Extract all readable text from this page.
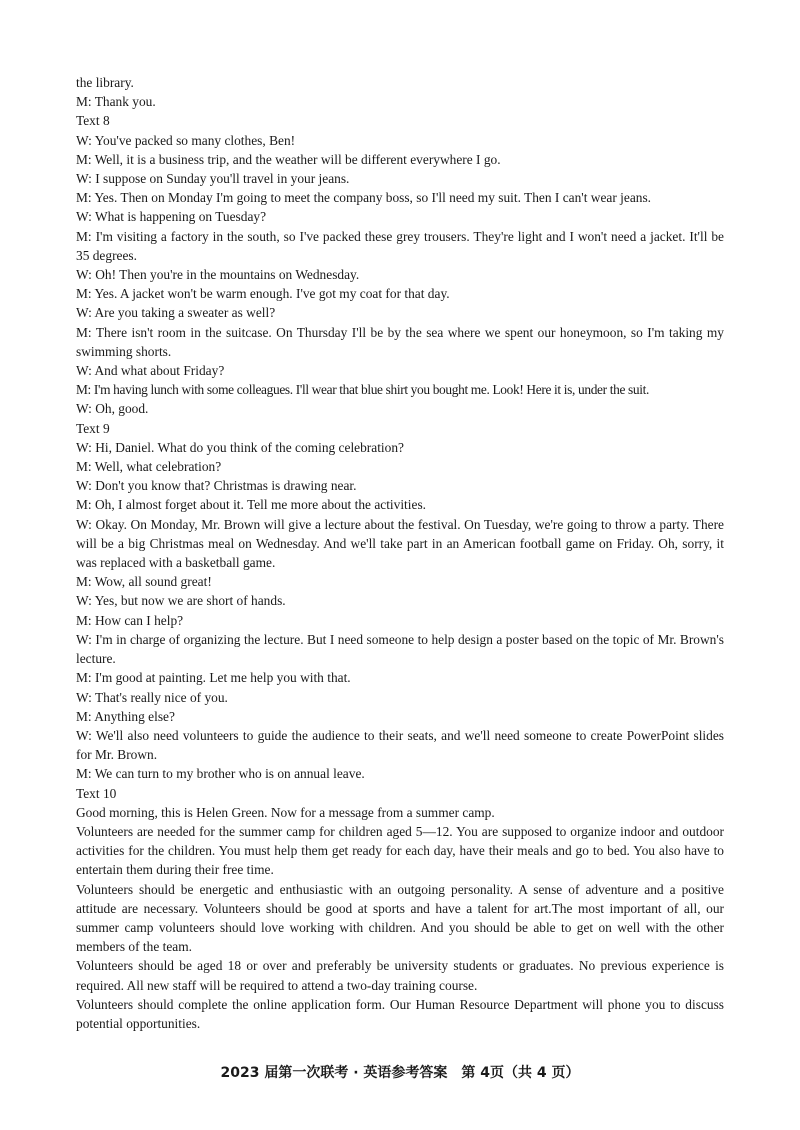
the library.

M: Thank you.

Text 8

W: You've packed so many clothes, Ben!

M: Well, it is a business trip, and the weather will be different everywhere I go.

W: I suppose on Sunday you'll travel in your jeans.

M: Yes. Then on Monday I'm going to meet the company boss, so I'll need my suit. Then I can't wear jeans.

W: What is happening on Tuesday?

M: I'm visiting a factory in the south, so I've packed these grey trousers. They're light and I won't need a jacket. It'll be 35 degrees.

W: Oh! Then you're in the mountains on Wednesday.

M: Yes. A jacket won't be warm enough. I've got my coat for that day.

W: Are you taking a sweater as well?

M: There isn't room in the suitcase. On Thursday I'll be by the sea where we spent our honeymoon, so I'm taking my swimming shorts.

W: And what about Friday?

M: I'm having lunch with some colleagues. I'll wear that blue shirt you bought me. Look! Here it is, under the suit.

W: Oh, good.

Text 9

W: Hi, Daniel. What do you think of the coming celebration?

M: Well, what celebration?

W: Don't you know that? Christmas is drawing near.

M: Oh, I almost forget about it. Tell me more about the activities.

W: Okay. On Monday, Mr. Brown will give a lecture about the festival. On Tuesday, we're going to throw a party. There will be a big Christmas meal on Wednesday. And we'll take part in an American football game on Friday. Oh, sorry, it was replaced with a basketball game.

M: Wow, all sound great!

W: Yes, but now we are short of hands.

M: How can I help?

W: I'm in charge of organizing the lecture. But I need someone to help design a poster based on the topic of Mr. Brown's lecture.

M: I'm good at painting. Let me help you with that.

W: That's really nice of you.

M: Anything else?

W: We'll also need volunteers to guide the audience to their seats, and we'll need someone to create PowerPoint slides for Mr. Brown.

M: We can turn to my brother who is on annual leave.

Text 10

Good morning, this is Helen Green. Now for a message from a summer camp.

Volunteers are needed for the summer camp for children aged 5—12. You are supposed to organize indoor and outdoor activities for the children. You must help them get ready for each day, have their meals and go to bed. You also have to entertain them during their free time.

Volunteers should be energetic and enthusiastic with an outgoing personality. A sense of adventure and a positive attitude are necessary. Volunteers should be good at sports and have a talent for art.The most important of all, our summer camp volunteers should love working with children. And you should be able to get on well with the other members of the team.

Volunteers should be aged 18 or over and preferably be university students or graduates. No previous experience is required. All new staff will be required to attend a two-day training course.

Volunteers should complete the online application form. Our Human Resource Department will phone you to discuss potential opportunities.

2023 届第一次联考 · 英语参考答案　第 4页（共 4 页）
